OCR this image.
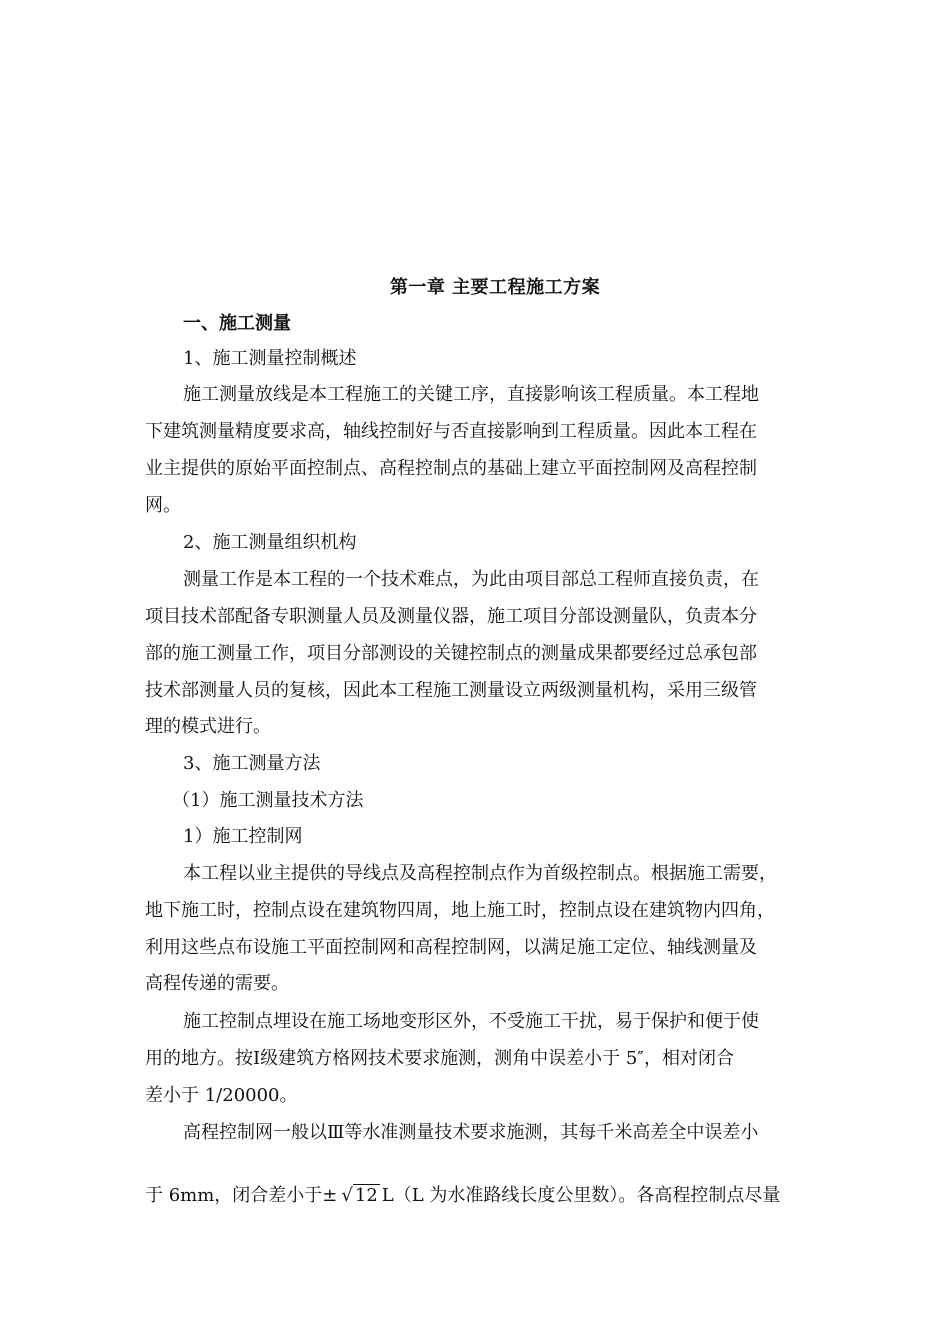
第一章 主要工程施工方案
一、施工测量
1、施工测量控制概述
施工测量放线是本工程施工的关键工序，直接影响该工程质量。本工程地
下建筑测量精度要求高，轴线控制好与否直接影响到工程质量。因此本工程在
业主提供的原始平面控制点、高程控制点的基础上建立平面控制网及高程控制
网。
2、施工测量组织机构
测量工作是本工程的一个技术难点，为此由项目部总工程师直接负责，在
项目技术部配备专职测量人员及测量仪器，施工项目分部设测量队，负责本分
部的施工测量工作，项目分部测设的关键控制点的测量成果都要经过总承包部
技术部测量人员的复核，因此本工程施工测量设立两级测量机构，采用三级管
理的模式进行。
3、施工测量方法
（1）施工测量技术方法
1）施工控制网
本工程以业主提供的导线点及高程控制点作为首级控制点。根据施工需要，
地下施工时，控制点设在建筑物四周，地上施工时，控制点设在建筑物内四角，
利用这些点布设施工平面控制网和高程控制网，以满足施工定位、轴线测量及
高程传递的需要。
施工控制点埋设在施工场地变形区外，不受施工干扰，易于保护和便于使
用的地方。按Ⅰ级建筑方格网技术要求施测，测角中误差小于 5″，相对闭合
差小于 1/20000。
高程控制网一般以Ⅲ等水准测量技术要求施测，其每千米高差全中误差小
于 6mm，闭合差小于± √ 12 L（L 为水准路线长度公里数）。各高程控制点尽量
